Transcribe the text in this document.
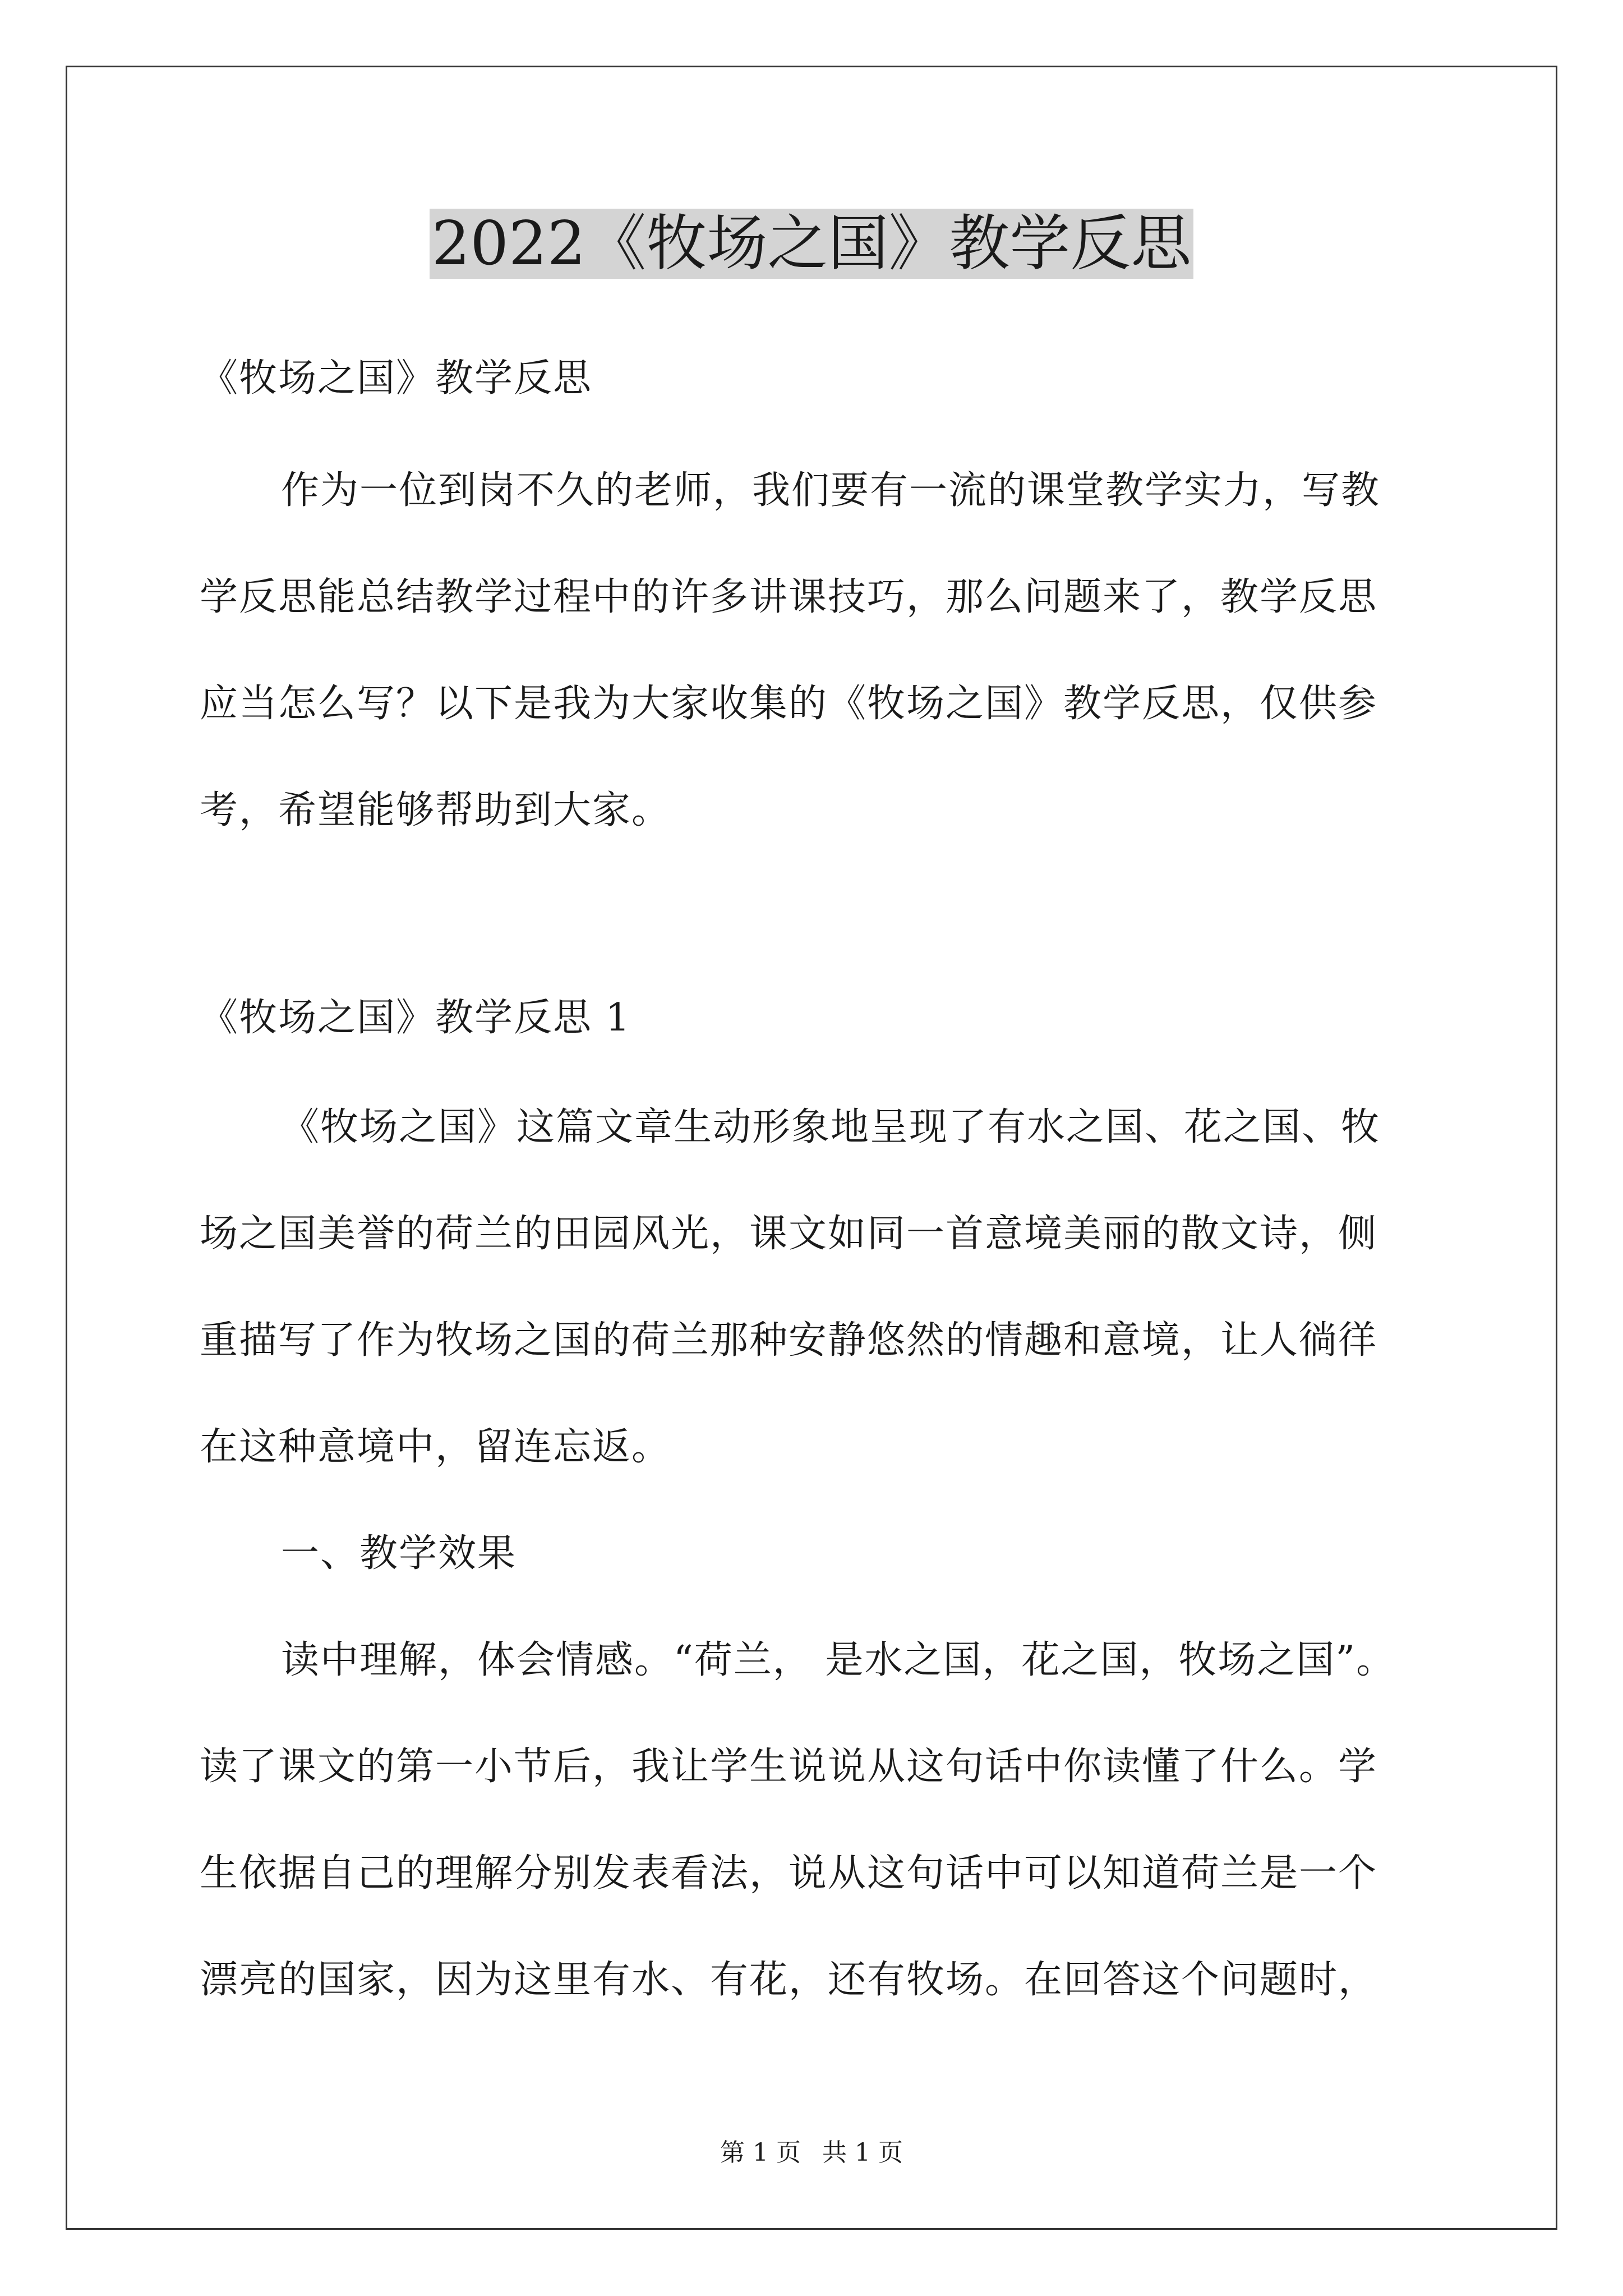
2022《牧场之国》教学反思
《牧场之国》教学反思
作为一位到岗不久的老师，我们要有一流的课堂教学实力，写教
学反思能总结教学过程中的许多讲课技巧，那么问题来了，教学反思
应当怎么写？以下是我为大家收集的《牧场之国》教学反思，仅供参
考，希望能够帮助到大家。
《牧场之国》教学反思 1
《牧场之国》这篇文章生动形象地呈现了有水之国、花之国、牧
场之国美誉的荷兰的田园风光，课文如同一首意境美丽的散文诗，侧
重描写了作为牧场之国的荷兰那种安静悠然的情趣和意境，让人徜徉
在这种意境中，留连忘返。
一、教学效果
读中理解，体会情感。“荷兰， 是水之国，花之国，牧场之国”。
读了课文的第一小节后，我让学生说说从这句话中你读懂了什么。学
生依据自己的理解分别发表看法，说从这句话中可以知道荷兰是一个
漂亮的国家，因为这里有水、有花，还有牧场。在回答这个问题时，
第 1 页 共 1 页
